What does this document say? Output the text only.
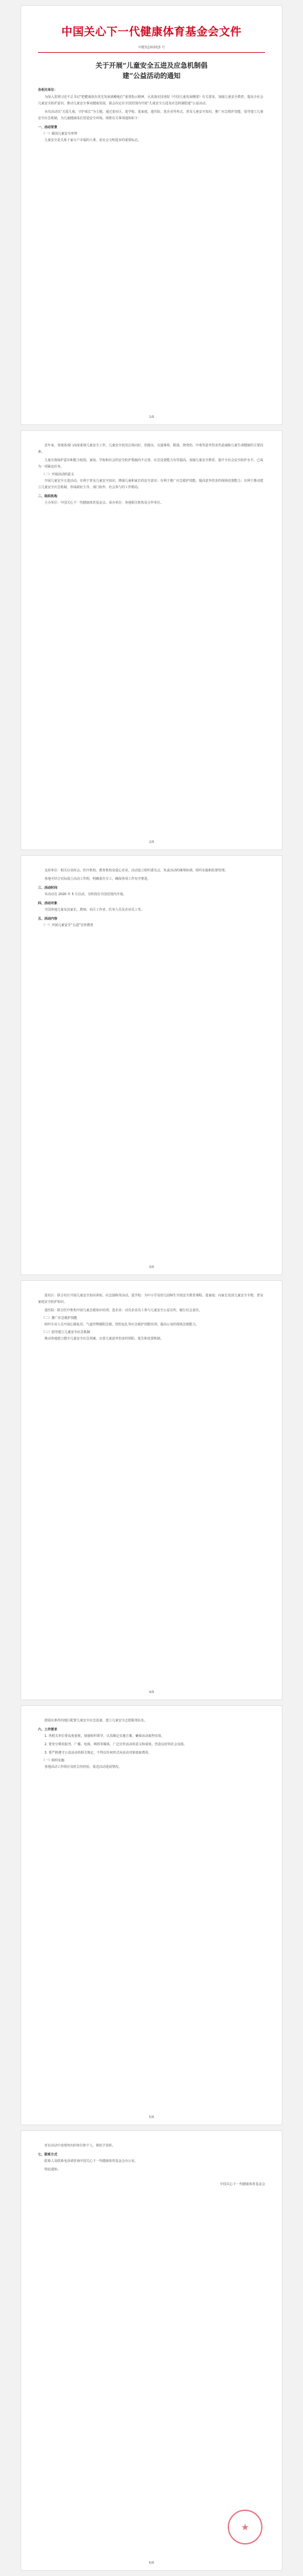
中国关心下一代健康体育基金会文件
中健发[2020]3 号
关于开展“儿童安全五进及应急机制倡
建”公益活动的通知
各相关单位：
为深入贯彻习近平总书记“把健康放在优先发展战略地位”重要指示精神，认真落实国务院《中国儿童发展纲要》有关要求，加强儿童安全教育，提高全社会儿童安全防护意识，推动儿童安全事业健康发展，我会决定在全国范围内开展“儿童安全五进及应急机制倡建”公益活动。
本次活动以“关爱儿童、守护成长”为主题，通过进社区、进学校、进家庭、进医院、进企业等形式，普及儿童安全知识，推广应急救护技能，倡导建立儿童安全应急机制，为儿童健康成长营造安全环境。现将有关事项通知如下：
一、活动背景
（一）我国儿童安全形势
儿童安全是关系千家万户幸福的大事，是社会文明进步的重要标志。
1/6
近年来，各地各部门高度重视儿童安全工作，儿童安全状况总体向好，但溺水、交通事故、跌落、烧烫伤、中毒等意外伤害仍是威胁儿童生命健康的主要因素。
儿童自我保护意识和能力较弱，家庭、学校和社会的安全防护措施尚不完善，应急处置能力有待提高。加强儿童安全教育，提升全社会安全防护水平，已成为一项紧迫任务。
（二）开展活动的意义
开展儿童安全五进活动，有利于普及儿童安全知识，增强儿童和家长的安全意识；有利于推广应急救护技能，提高意外伤害的现场处置能力；有利于推动建立儿童安全应急机制，形成政府主导、部门协作、社会参与的工作格局。
二、组织机构
主办单位：中国关心下一代健康体育基金会。承办单位：各地相关机构及合作单位。
2/6
支持单位：相关行业协会、医疗机构、教育机构及爱心企业。活动设立组织委员会，负责活动的统筹协调、组织实施和监督管理。
各地可结合实际成立活动工作组，明确责任分工，确保各项工作有序推进。
三、活动时间
本活动自 2020 年 5 月启动，分阶段在全国范围内开展。
四、活动对象
全国各地儿童及其家长、教师、社区工作者、医务人员及企业员工等。
五、活动内容
（一）开展儿童安全“五进”宣传教育
3/6
进社区：联合社区开展儿童安全知识讲座、应急演练等活动。进学校：为中小学及幼儿园师生开展安全教育课程。进家庭：向家长发放儿童安全手册，普及家庭安全防护知识。
进医院：联合医疗机构开展儿童急救知识培训。进企业：动员企业员工参与儿童安全公益宣传，履行社会责任。
（二）推广应急救护技能
组织专业人员开展心肺复苏、气道异物梗阻急救、创伤包扎等应急救护技能培训，提高公众的现场急救能力。
（三）倡导建立儿童安全应急机制
推动各地建立健全儿童安全应急预案，完善儿童意外伤害的预防、报告和处置机制。
4/6
鼓励有条件的地区配置儿童安全应急设备，建立儿童安全志愿服务队伍。
六、工作要求
1. 各相关单位要高度重视，加强组织领导，认真制定实施方案，确保活动取得实效。
2. 要充分利用报刊、广播、电视、网络等媒体，广泛宣传活动的意义和成效，营造良好的社会氛围。
3. 要严格遵守公益活动的相关规定，不得以任何形式向活动对象收取费用。
（一）组织实施
各地活动工作组应及时总结经验，报送活动进展情况。
5/6
对在活动中表现突出的单位和个人，将给予表彰。
七、联系方式
联系人及联系电话请咨询中国关心下一代健康体育基金会办公室。
特此通知。
中国关心下一代健康体育基金会
★
6/6
